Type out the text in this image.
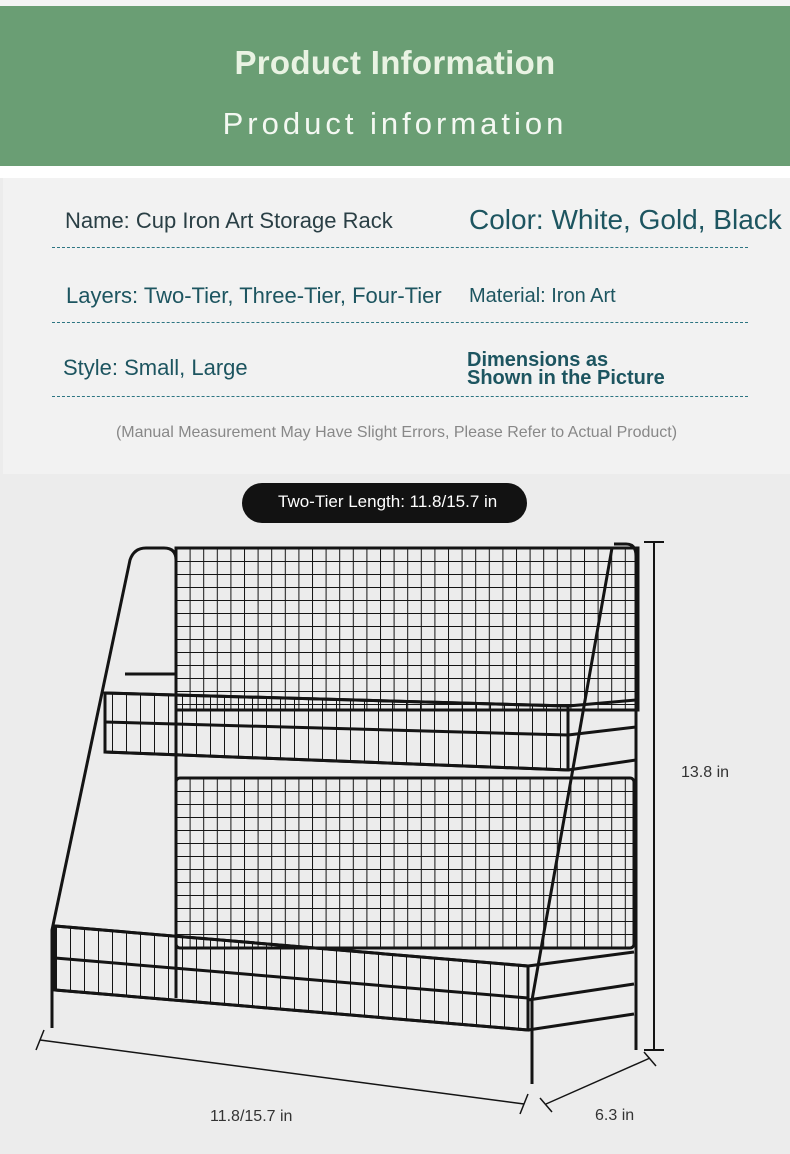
Product Information
Product information
Name: Cup Iron Art Storage Rack	Color: White, Gold, Black
Layers: Two-Tier, Three-Tier, Four-Tier Material: Iron Art
Style: Small, Large	Dimensions as
Shown in the Picture
(Manual Measurement May Have Slight Errors, Please Refer to Actual Product)
Two-Tier Length: 11.8/15.7 in
13.8 in
11.8/15.7 in	6.3 in
